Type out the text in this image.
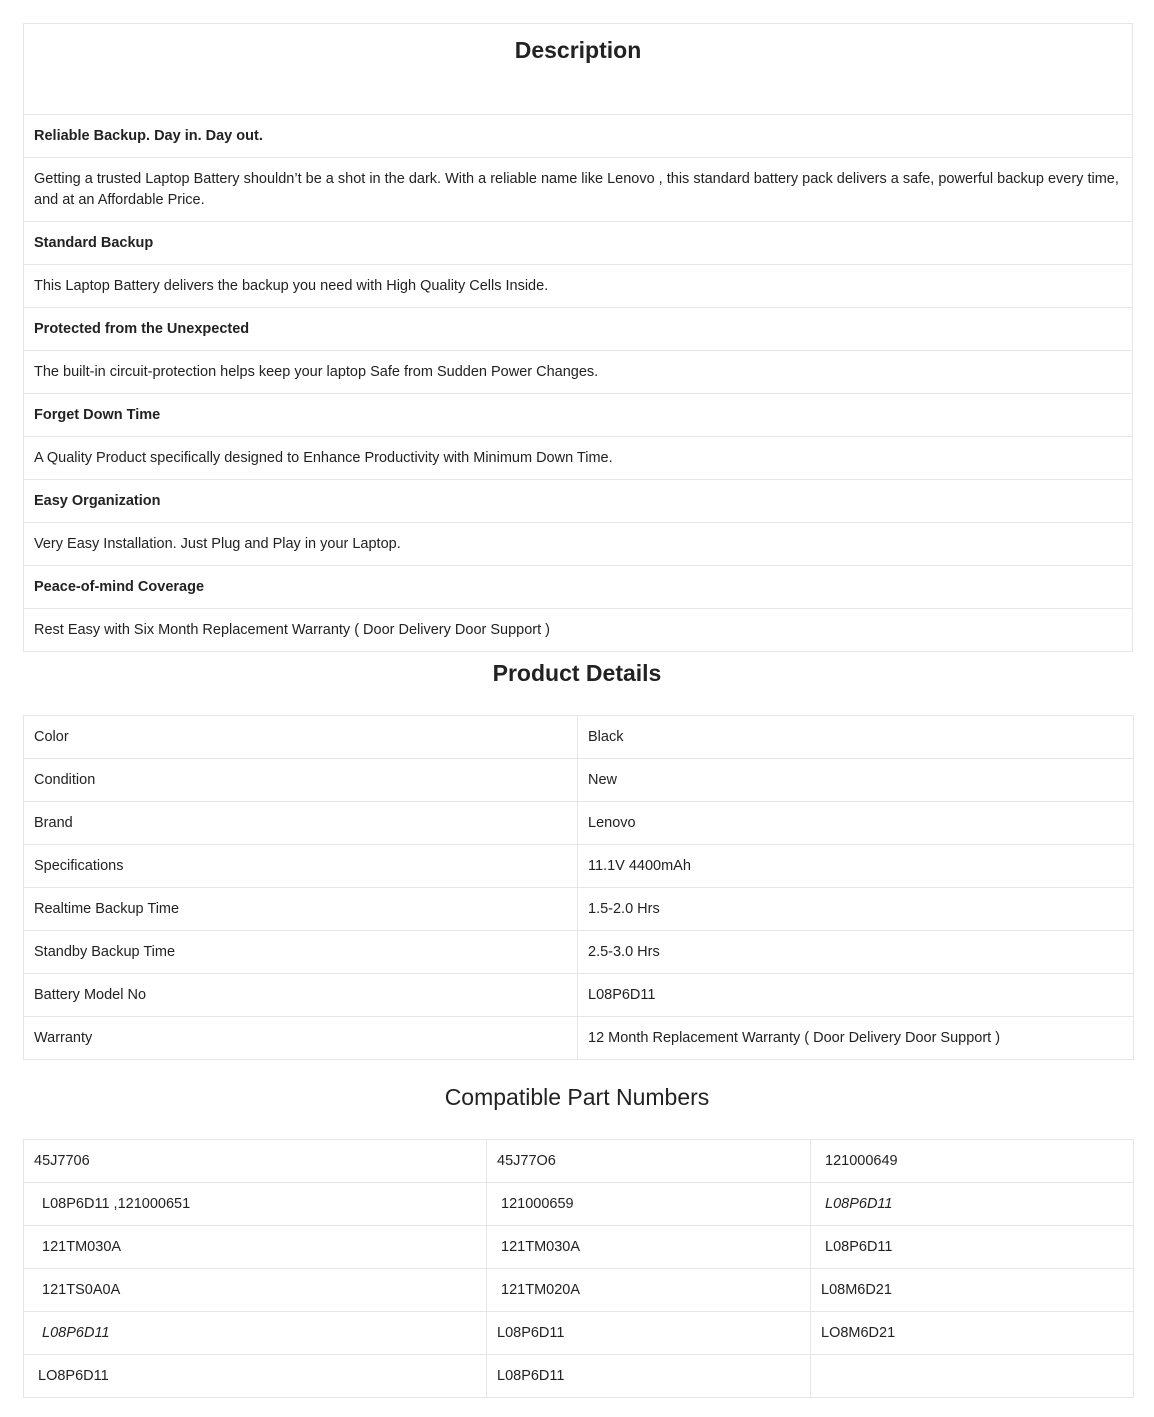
Description
Reliable Backup. Day in. Day out.
Getting a trusted Laptop Battery shouldn’t be a shot in the dark. With a reliable name like Lenovo , this standard battery pack delivers a safe, powerful backup every time, and at an Affordable Price.
Standard Backup
This Laptop Battery delivers the backup you need with High Quality Cells Inside.
Protected from the Unexpected
The built-in circuit-protection helps keep your laptop Safe from Sudden Power Changes.
Forget Down Time
A Quality Product specifically designed to Enhance Productivity with Minimum Down Time.
Easy Organization
Very Easy Installation. Just Plug and Play in your Laptop.
Peace-of-mind Coverage
Rest Easy with Six Month Replacement Warranty ( Door Delivery Door Support )
Product Details
Color	Black
Condition	New
Brand	Lenovo
Specifications	11.1V 4400mAh
Realtime Backup Time	1.5-2.0 Hrs
Standby Backup Time	2.5-3.0 Hrs
Battery Model No	L08P6D11
Warranty	12 Month Replacement Warranty ( Door Delivery Door Support )
Compatible Part Numbers
45J7706	45J77O6	121000649
L08P6D11 ,121000651	121000659	L08P6D11
121TM030A	121TM030A	L08P6D11
121TS0A0A	121TM020A	L08M6D21
L08P6D11	L08P6D11	LO8M6D21
LO8P6D11	L08P6D11	
